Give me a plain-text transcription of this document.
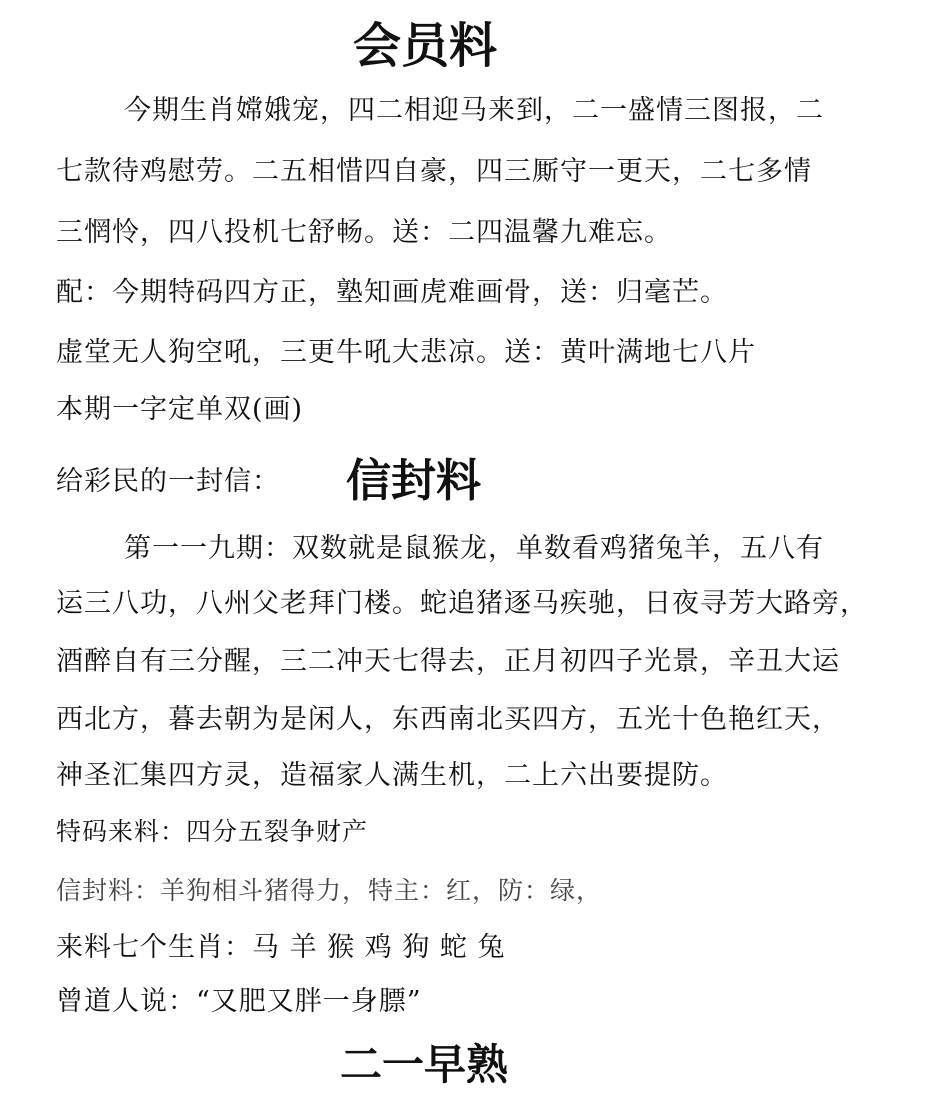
会员料
今期生肖嫦娥宠，四二相迎马来到，二一盛情三图报，二
七款待鸡慰劳。二五相惜四自豪，四三厮守一更天，二七多情
三惘怜，四八投机七舒畅。送：二四温馨九难忘。
配：今期特码四方正，塾知画虎难画骨，送：归毫芒。
虚堂无人狗空吼，三更牛吼大悲凉。送：黄叶满地七八片
本期一字定单双(画)
给彩民的一封信： 信封料
第一一九期：双数就是鼠猴龙，单数看鸡猪兔羊，五八有
运三八功，八州父老拜门楼。蛇追猪逐马疾驰，日夜寻芳大路旁，
酒醉自有三分醒，三二冲天七得去，正月初四子光景，辛丑大运
西北方，暮去朝为是闲人，东西南北买四方，五光十色艳红天，
神圣汇集四方灵，造福家人满生机，二上六出要提防。
特码来料：四分五裂争财产
信封料：羊狗相斗猪得力，特主：红，防：绿，
来料七个生肖：马 羊 猴 鸡 狗 蛇 兔
曾道人说：“又肥又胖一身膘”
二一早熟
